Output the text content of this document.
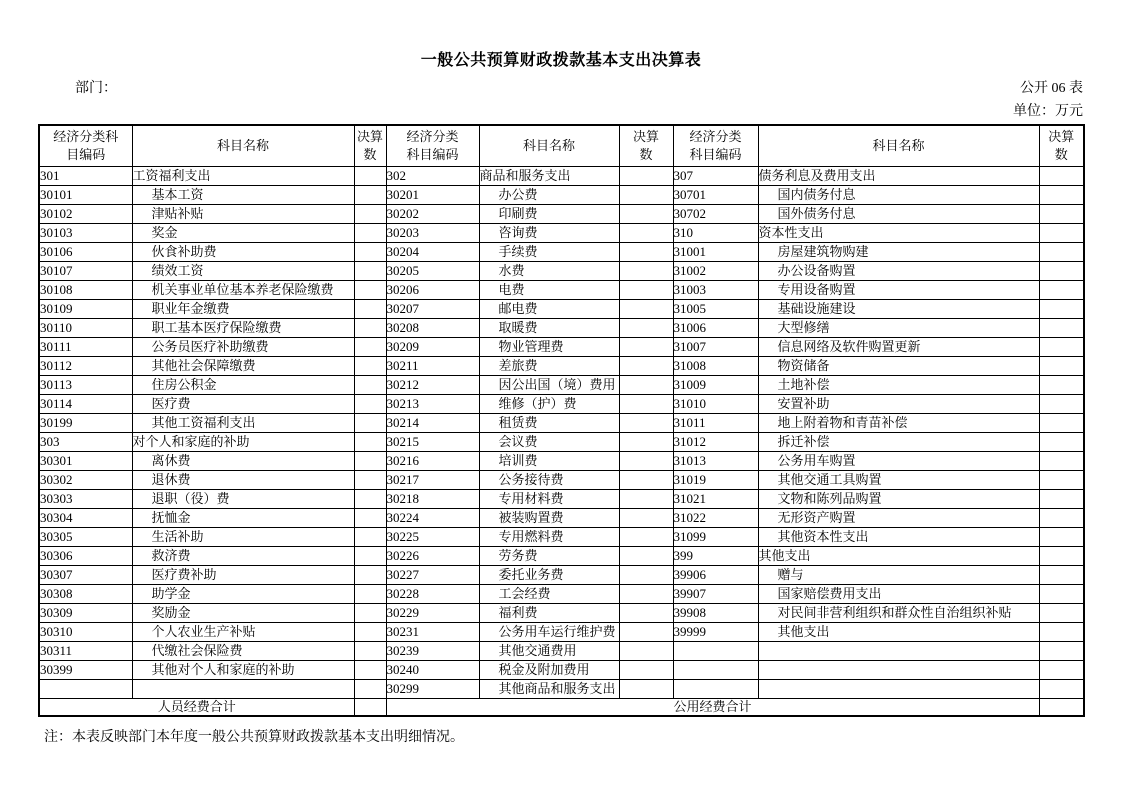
一般公共预算财政拨款基本支出决算表
部门：	公开 06 表
单位：万元
经济分类科目编码	科目名称	决算数	经济分类科目编码	科目名称	决算数	经济分类科目编码	科目名称	决算数
301	工资福利支出		302	商品和服务支出		307	债务利息及费用支出	
30101	基本工资		30201	办公费		30701	国内债务付息	
30102	津贴补贴		30202	印刷费		30702	国外债务付息	
30103	奖金		30203	咨询费		310	资本性支出	
30106	伙食补助费		30204	手续费		31001	房屋建筑物购建	
30107	绩效工资		30205	水费		31002	办公设备购置	
30108	机关事业单位基本养老保险缴费		30206	电费		31003	专用设备购置	
30109	职业年金缴费		30207	邮电费		31005	基础设施建设	
30110	职工基本医疗保险缴费		30208	取暖费		31006	大型修缮	
30111	公务员医疗补助缴费		30209	物业管理费		31007	信息网络及软件购置更新	
30112	其他社会保障缴费		30211	差旅费		31008	物资储备	
30113	住房公积金		30212	因公出国（境）费用		31009	土地补偿	
30114	医疗费		30213	维修（护）费		31010	安置补助	
30199	其他工资福利支出		30214	租赁费		31011	地上附着物和青苗补偿	
303	对个人和家庭的补助		30215	会议费		31012	拆迁补偿	
30301	离休费		30216	培训费		31013	公务用车购置	
30302	退休费		30217	公务接待费		31019	其他交通工具购置	
30303	退职（役）费		30218	专用材料费		31021	文物和陈列品购置	
30304	抚恤金		30224	被装购置费		31022	无形资产购置	
30305	生活补助		30225	专用燃料费		31099	其他资本性支出	
30306	救济费		30226	劳务费		399	其他支出	
30307	医疗费补助		30227	委托业务费		39906	赠与	
30308	助学金		30228	工会经费		39907	国家赔偿费用支出	
30309	奖励金		30229	福利费		39908	对民间非营利组织和群众性自治组织补贴	
30310	个人农业生产补贴		30231	公务用车运行维护费		39999	其他支出	
30311	代缴社会保险费		30239	其他交通费用				
30399	其他对个人和家庭的补助		30240	税金及附加费用				
			30299	其他商品和服务支出				
人员经费合计			公用经费合计					
注：本表反映部门本年度一般公共预算财政拨款基本支出明细情况。
